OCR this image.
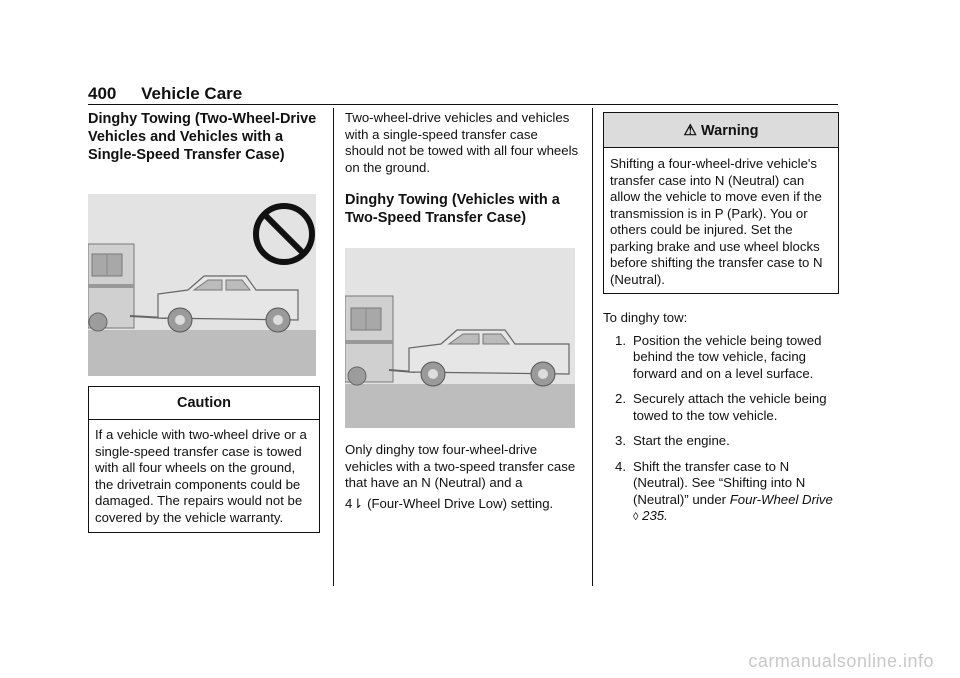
400 Vehicle Care
Dinghy Towing (Two-Wheel-Drive Vehicles and Vehicles with a Single-Speed Transfer Case)
Caution

If a vehicle with two-wheel drive or a single-speed transfer case is towed with all four wheels on the ground, the drivetrain components could be damaged. The repairs would not be covered by the vehicle warranty.

Two-wheel-drive vehicles and vehicles with a single-speed transfer case should not be towed with all four wheels on the ground.

Dinghy Towing (Vehicles with a Two-Speed Transfer Case)

Only dinghy tow four-wheel-drive vehicles with a two-speed transfer case that have an N (Neutral) and a
4⇂ (Four-Wheel Drive Low) setting.

⚠ Warning

Shifting a four-wheel-drive vehicle's transfer case into N (Neutral) can allow the vehicle to move even if the transmission is in P (Park). You or others could be injured. Set the parking brake and use wheel blocks before shifting the transfer case to N (Neutral).

To dinghy tow:

1. Position the vehicle being towed behind the tow vehicle, facing forward and on a level surface.
2. Securely attach the vehicle being towed to the tow vehicle.
3. Start the engine.
4. Shift the transfer case to N (Neutral). See “Shifting into N (Neutral)” under Four-Wheel Drive ◊ 235.
carmanualsonline.info
